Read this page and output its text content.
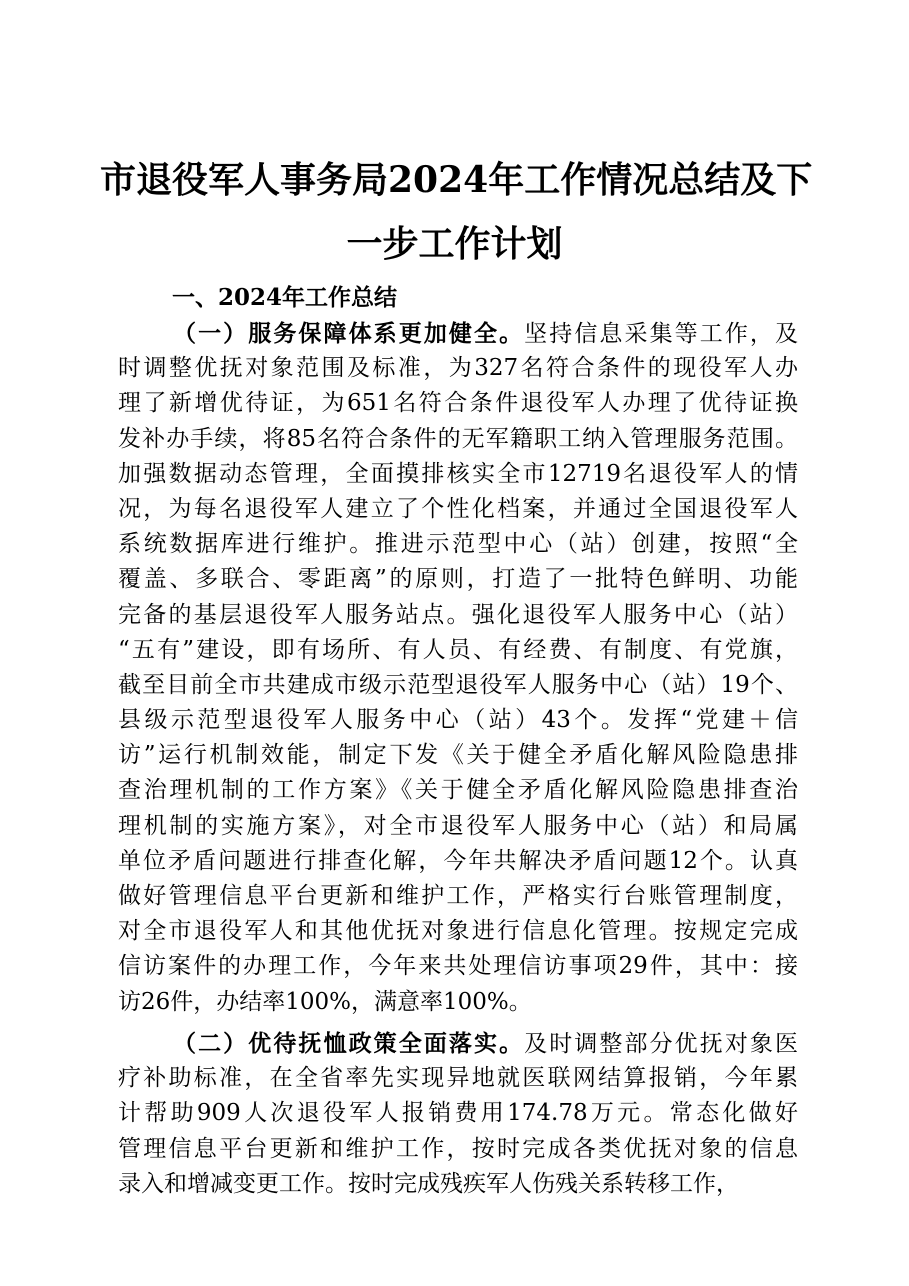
市退役军人事务局2024年工作情况总结及下
一步工作计划
一、2024年工作总结
（一）服务保障体系更加健全。坚持信息采集等工作，及
时调整优抚对象范围及标准，为327名符合条件的现役军人办
理了新增优待证，为651名符合条件退役军人办理了优待证换
发补办手续，将85名符合条件的无军籍职工纳入管理服务范围。
加强数据动态管理，全面摸排核实全市12719名退役军人的情
况，为每名退役军人建立了个性化档案，并通过全国退役军人
系统数据库进行维护。推进示范型中心（站）创建，按照“全
覆盖、多联合、零距离”的原则，打造了一批特色鲜明、功能
完备的基层退役军人服务站点。强化退役军人服务中心（站）
“五有”建设，即有场所、有人员、有经费、有制度、有党旗，
截至目前全市共建成市级示范型退役军人服务中心（站）19个、
县级示范型退役军人服务中心（站）43个。发挥“党建＋信
访”运行机制效能，制定下发《关于健全矛盾化解风险隐患排
查治理机制的工作方案》《关于健全矛盾化解风险隐患排查治
理机制的实施方案》，对全市退役军人服务中心（站）和局属
单位矛盾问题进行排查化解，今年共解决矛盾问题12个。认真
做好管理信息平台更新和维护工作，严格实行台账管理制度，
对全市退役军人和其他优抚对象进行信息化管理。按规定完成
信访案件的办理工作，今年来共处理信访事项29件，其中：接
访26件，办结率100%，满意率100%。
（二）优待抚恤政策全面落实。及时调整部分优抚对象医
疗补助标准，在全省率先实现异地就医联网结算报销，今年累
计帮助909人次退役军人报销费用174.78万元。常态化做好
管理信息平台更新和维护工作，按时完成各类优抚对象的信息
录入和增减变更工作。按时完成残疾军人伤残关系转移工作，
